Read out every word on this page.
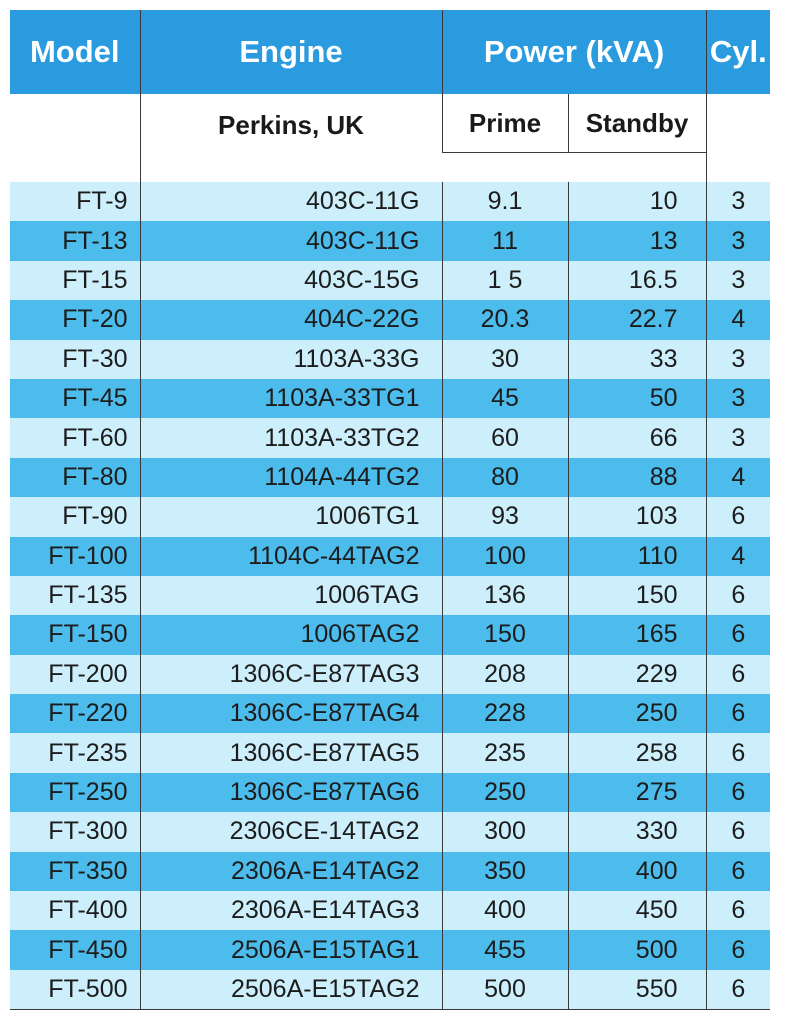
Model	Engine	Power (kVA)		Cyl.
	Perkins, UK	Prime	Standby	

FT-9	403C-11G	9.1	10	3
FT-13	403C-11G	11	13	3
FT-15	403C-15G	1 5	16.5	3
FT-20	404C-22G	20.3	22.7	4
FT-30	1103A-33G	30	33	3
FT-45	1103A-33TG1	45	50	3
FT-60	1103A-33TG2	60	66	3
FT-80	1104A-44TG2	80	88	4
FT-90	1006TG1	93	103	6
FT-100	1104C-44TAG2	100	110	4
FT-135	1006TAG	136	150	6
FT-150	1006TAG2	150	165	6
FT-200	1306C-E87TAG3	208	229	6
FT-220	1306C-E87TAG4	228	250	6
FT-235	1306C-E87TAG5	235	258	6
FT-250	1306C-E87TAG6	250	275	6
FT-300	2306CE-14TAG2	300	330	6
FT-350	2306A-E14TAG2	350	400	6
FT-400	2306A-E14TAG3	400	450	6
FT-450	2506A-E15TAG1	455	500	6
FT-500	2506A-E15TAG2	500	550	6
